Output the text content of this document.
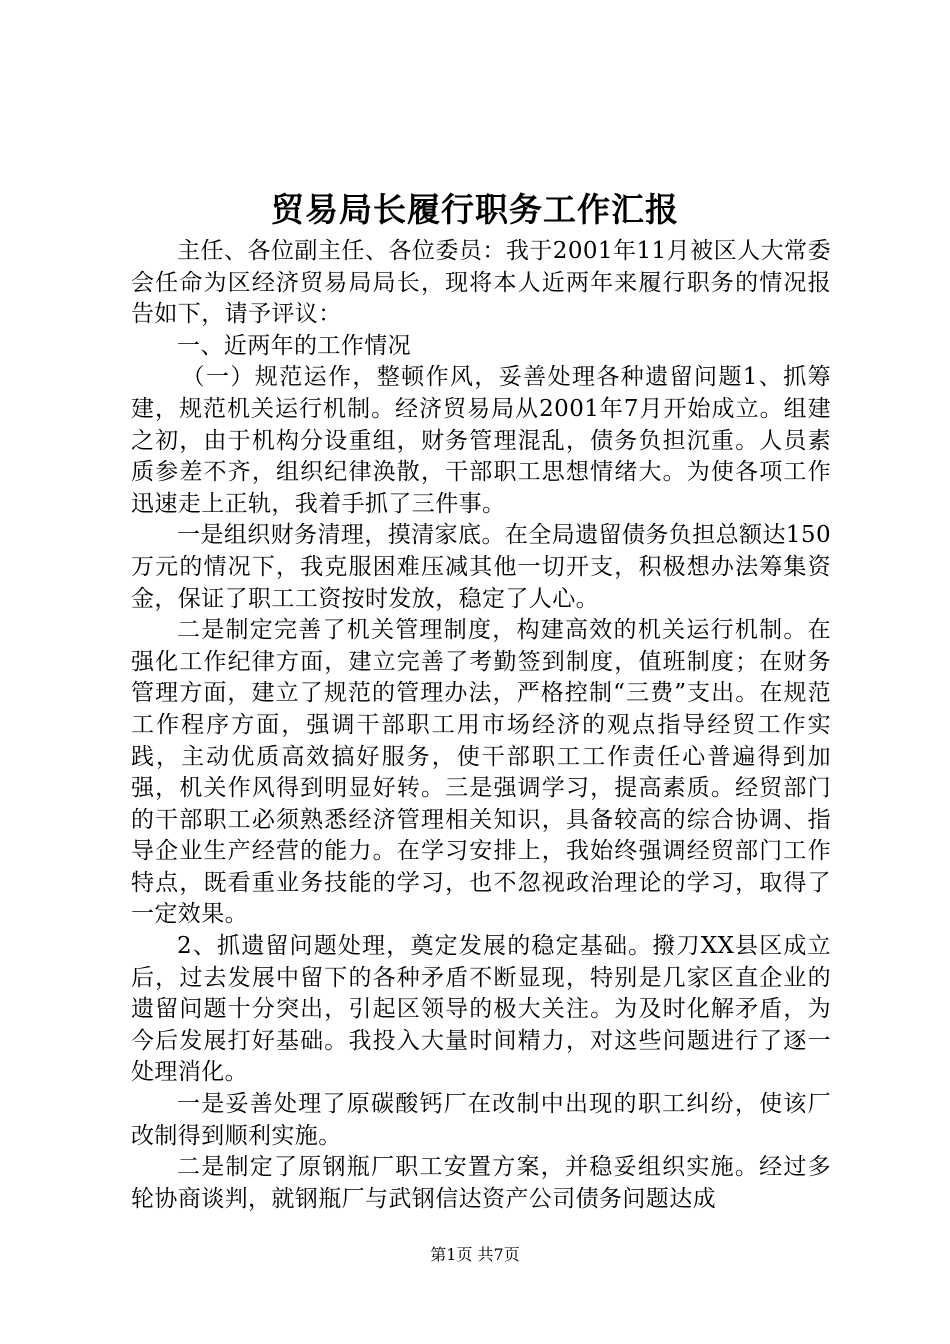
贸易局长履行职务工作汇报

主任、各位副主任、各位委员：我于2001年11月被区人大常委会任命为区经济贸易局局长，现将本人近两年来履行职务的情况报告如下，请予评议：

一、近两年的工作情况

（一）规范运作，整顿作风，妥善处理各种遗留问题1、抓筹建，规范机关运行机制。经济贸易局从2001年7月开始成立。组建之初，由于机构分设重组，财务管理混乱，债务负担沉重。人员素质参差不齐，组织纪律涣散，干部职工思想情绪大。为使各项工作迅速走上正轨，我着手抓了三件事。

一是组织财务清理，摸清家底。在全局遗留债务负担总额达150万元的情况下，我克服困难压减其他一切开支，积极想办法筹集资金，保证了职工工资按时发放，稳定了人心。

二是制定完善了机关管理制度，构建高效的机关运行机制。在强化工作纪律方面，建立完善了考勤签到制度，值班制度；在财务管理方面，建立了规范的管理办法，严格控制“三费”支出。在规范工作程序方面，强调干部职工用市场经济的观点指导经贸工作实践，主动优质高效搞好服务，使干部职工工作责任心普遍得到加强，机关作风得到明显好转。三是强调学习，提高素质。经贸部门的干部职工必须熟悉经济管理相关知识，具备较高的综合协调、指导企业生产经营的能力。在学习安排上，我始终强调经贸部门工作特点，既看重业务技能的学习，也不忽视政治理论的学习，取得了一定效果。

2、抓遗留问题处理，奠定发展的稳定基础。撥刀XX县区成立后，过去发展中留下的各种矛盾不断显现，特别是几家区直企业的遗留问题十分突出，引起区领导的极大关注。为及时化解矛盾，为今后发展打好基础。我投入大量时间精力，对这些问题进行了逐一处理消化。

一是妥善处理了原碳酸钙厂在改制中出现的职工纠纷，使该厂改制得到顺利实施。

二是制定了原钢瓶厂职工安置方案，并稳妥组织实施。经过多轮协商谈判，就钢瓶厂与武钢信达资产公司债务问题达成

第1页 共7页
